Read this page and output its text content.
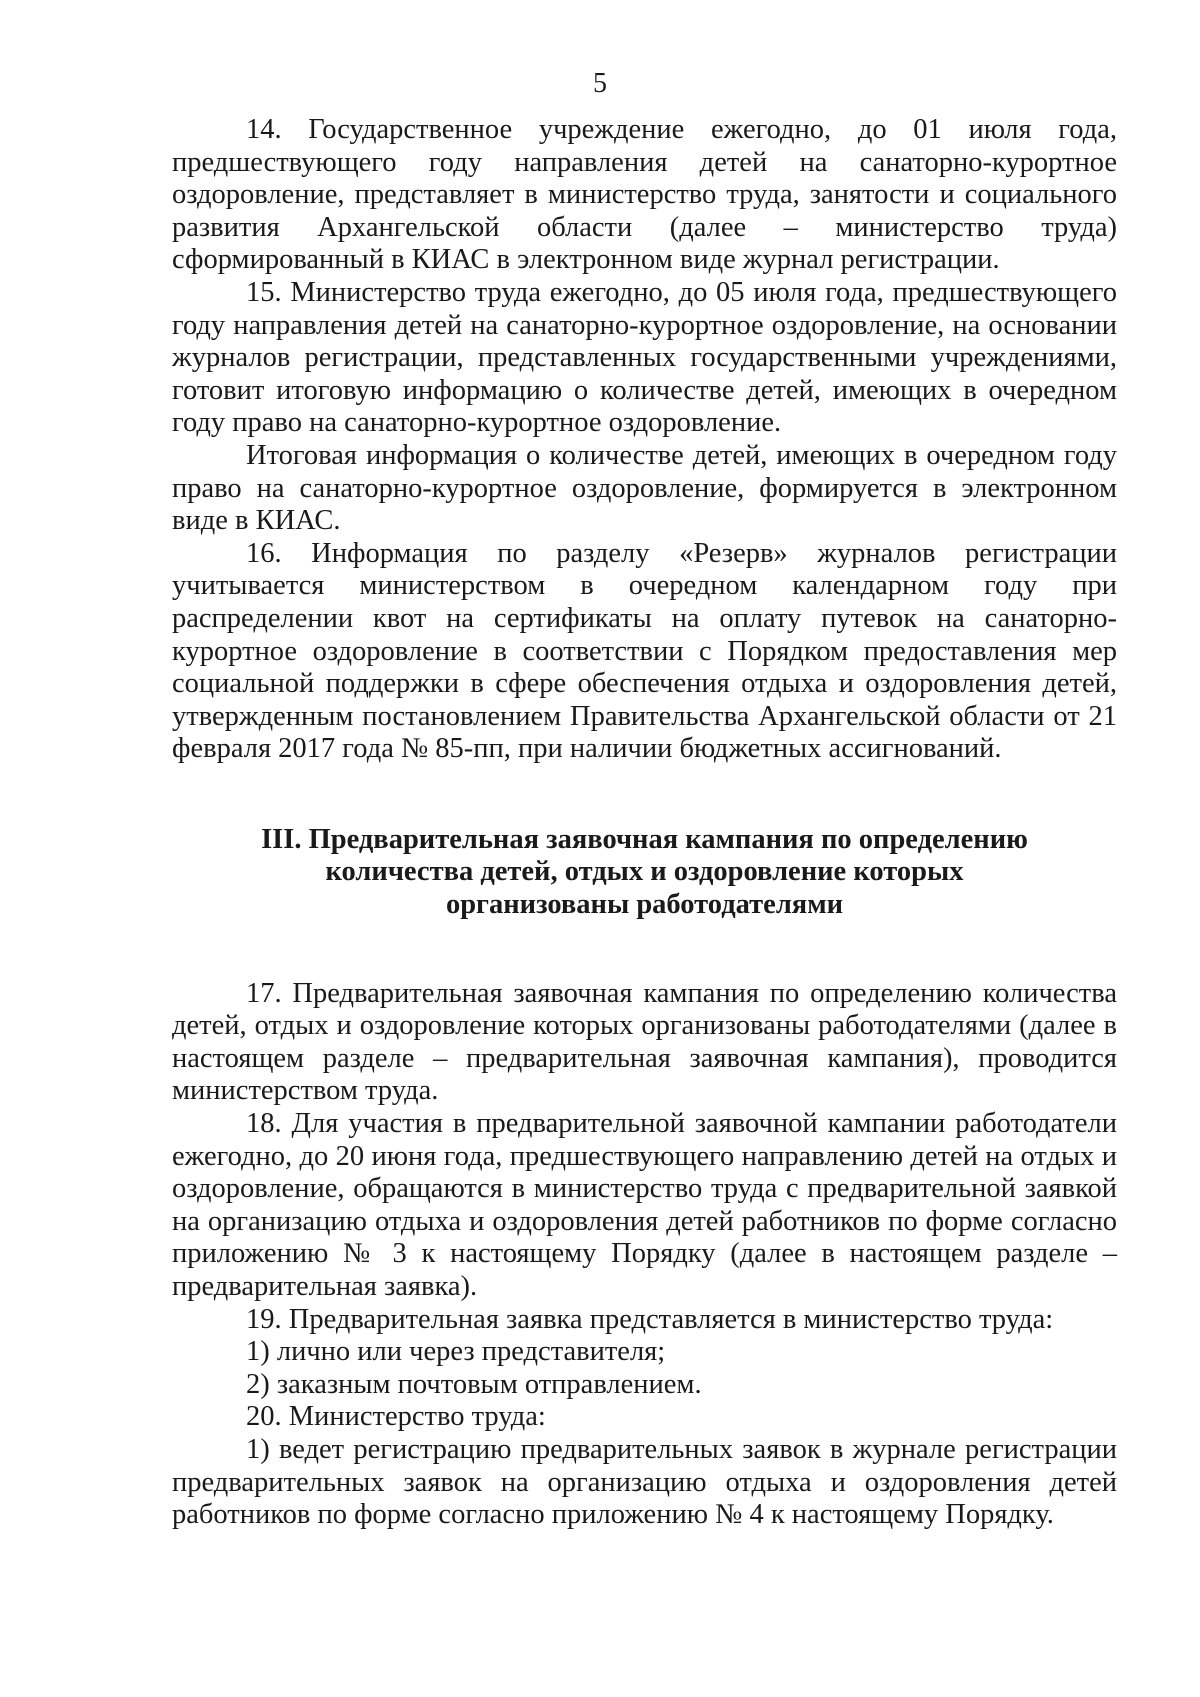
5

14. Государственное учреждение ежегодно, до 01 июля года, предшествующего году направления детей на санаторно-курортное оздоровление, представляет в министерство труда, занятости и социального развития Архангельской области (далее – министерство труда) сформированный в КИАС в электронном виде журнал регистрации.

15. Министерство труда ежегодно, до 05 июля года, предшествующего году направления детей на санаторно-курортное оздоровление, на основании журналов регистрации, представленных государственными учреждениями, готовит итоговую информацию о количестве детей, имеющих в очередном году право на санаторно-курортное оздоровление.

Итоговая информация о количестве детей, имеющих в очередном году право на санаторно-курортное оздоровление, формируется в электронном виде в КИАС.

16. Информация по разделу «Резерв» журналов регистрации учитывается министерством в очередном календарном году при распределении квот на сертификаты на оплату путевок на санаторно-курортное оздоровление в соответствии с Порядком предоставления мер социальной поддержки в сфере обеспечения отдыха и оздоровления детей, утвержденным постановлением Правительства Архангельской области от 21 февраля 2017 года № 85-пп, при наличии бюджетных ассигнований.

III. Предварительная заявочная кампания по определению
количества детей, отдых и оздоровление которых
организованы работодателями

17. Предварительная заявочная кампания по определению количества детей, отдых и оздоровление которых организованы работодателями (далее в настоящем разделе – предварительная заявочная кампания), проводится министерством труда.

18. Для участия в предварительной заявочной кампании работодатели ежегодно, до 20 июня года, предшествующего направлению детей на отдых и оздоровление, обращаются в министерство труда с предварительной заявкой на организацию отдыха и оздоровления детей работников по форме согласно приложению № 3 к настоящему Порядку (далее в настоящем разделе – предварительная заявка).

19. Предварительная заявка представляется в министерство труда:

1) лично или через представителя;

2) заказным почтовым отправлением.

20. Министерство труда:

1) ведет регистрацию предварительных заявок в журнале регистрации предварительных заявок на организацию отдыха и оздоровления детей работников по форме согласно приложению № 4 к настоящему Порядку.
